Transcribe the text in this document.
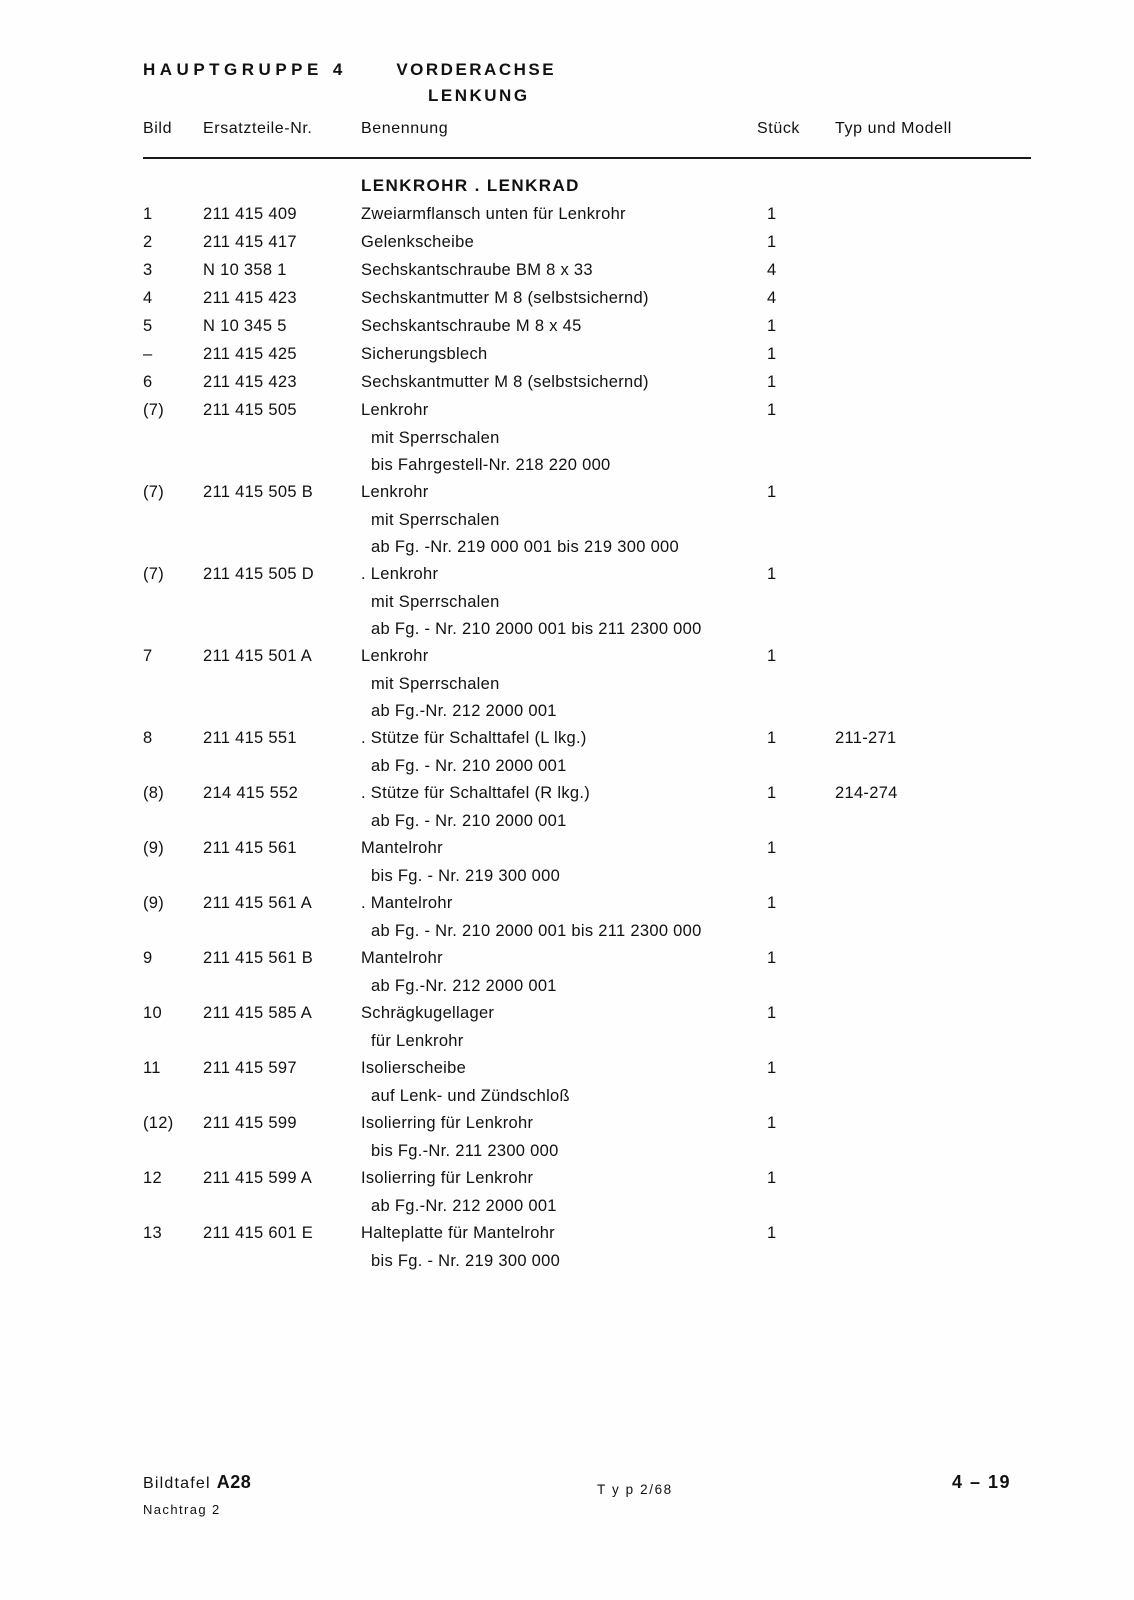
HAUPTGRUPPE 4	VORDERACHSE
LENKUNG
Bild Ersatzteile-Nr.	Benennung	Stück Typ und Modell
LENKROHR . LENKRAD
1	211 415 409	Zweiarmflansch unten für Lenkrohr	1
2	211 415 417	Gelenkscheibe	1
3	N 10 358 1	Sechskantschraube BM 8 x 33	4
4	211 415 423	Sechskantmutter M 8 (selbstsichernd)	4
5	N 10 345 5	Sechskantschraube M 8 x 45	1
–	211 415 425	Sicherungsblech	1
6	211 415 423	Sechskantmutter M 8 (selbstsichernd)	1
(7)	211 415 505	Lenkrohr	1
mit Sperrschalen
bis Fahrgestell-Nr. 218 220 000
(7)	211 415 505 B	Lenkrohr	1
mit Sperrschalen
ab Fg. -Nr. 219 000 001 bis 219 300 000
(7)	211 415 505 D	. Lenkrohr	1
mit Sperrschalen
ab Fg. - Nr. 210 2000 001 bis 211 2300 000
7	211 415 501 A	Lenkrohr	1
mit Sperrschalen
ab Fg.-Nr. 212 2000 001
8	211 415 551	. Stütze für Schalttafel (L lkg.)	1	211-271
ab Fg. - Nr. 210 2000 001
(8)	214 415 552	. Stütze für Schalttafel (R lkg.)	1	214-274
ab Fg. - Nr. 210 2000 001
(9)	211 415 561	Mantelrohr	1
bis Fg. - Nr. 219 300 000
(9)	211 415 561 A	. Mantelrohr	1
ab Fg. - Nr. 210 2000 001 bis 211 2300 000
9	211 415 561 B	Mantelrohr	1
ab Fg.-Nr. 212 2000 001
10	211 415 585 A	Schrägkugellager	1
für Lenkrohr
11	211 415 597	Isolierscheibe	1
auf Lenk- und Zündschloß
(12)	211 415 599	Isolierring für Lenkrohr	1
bis Fg.-Nr. 211 2300 000
12	211 415 599 A	Isolierring für Lenkrohr	1
ab Fg.-Nr. 212 2000 001
13	211 415 601 E	Halteplatte für Mantelrohr	1
bis Fg. - Nr. 219 300 000
Bildtafel A28
Nachtrag 2
T y p 2/68	4 – 19
